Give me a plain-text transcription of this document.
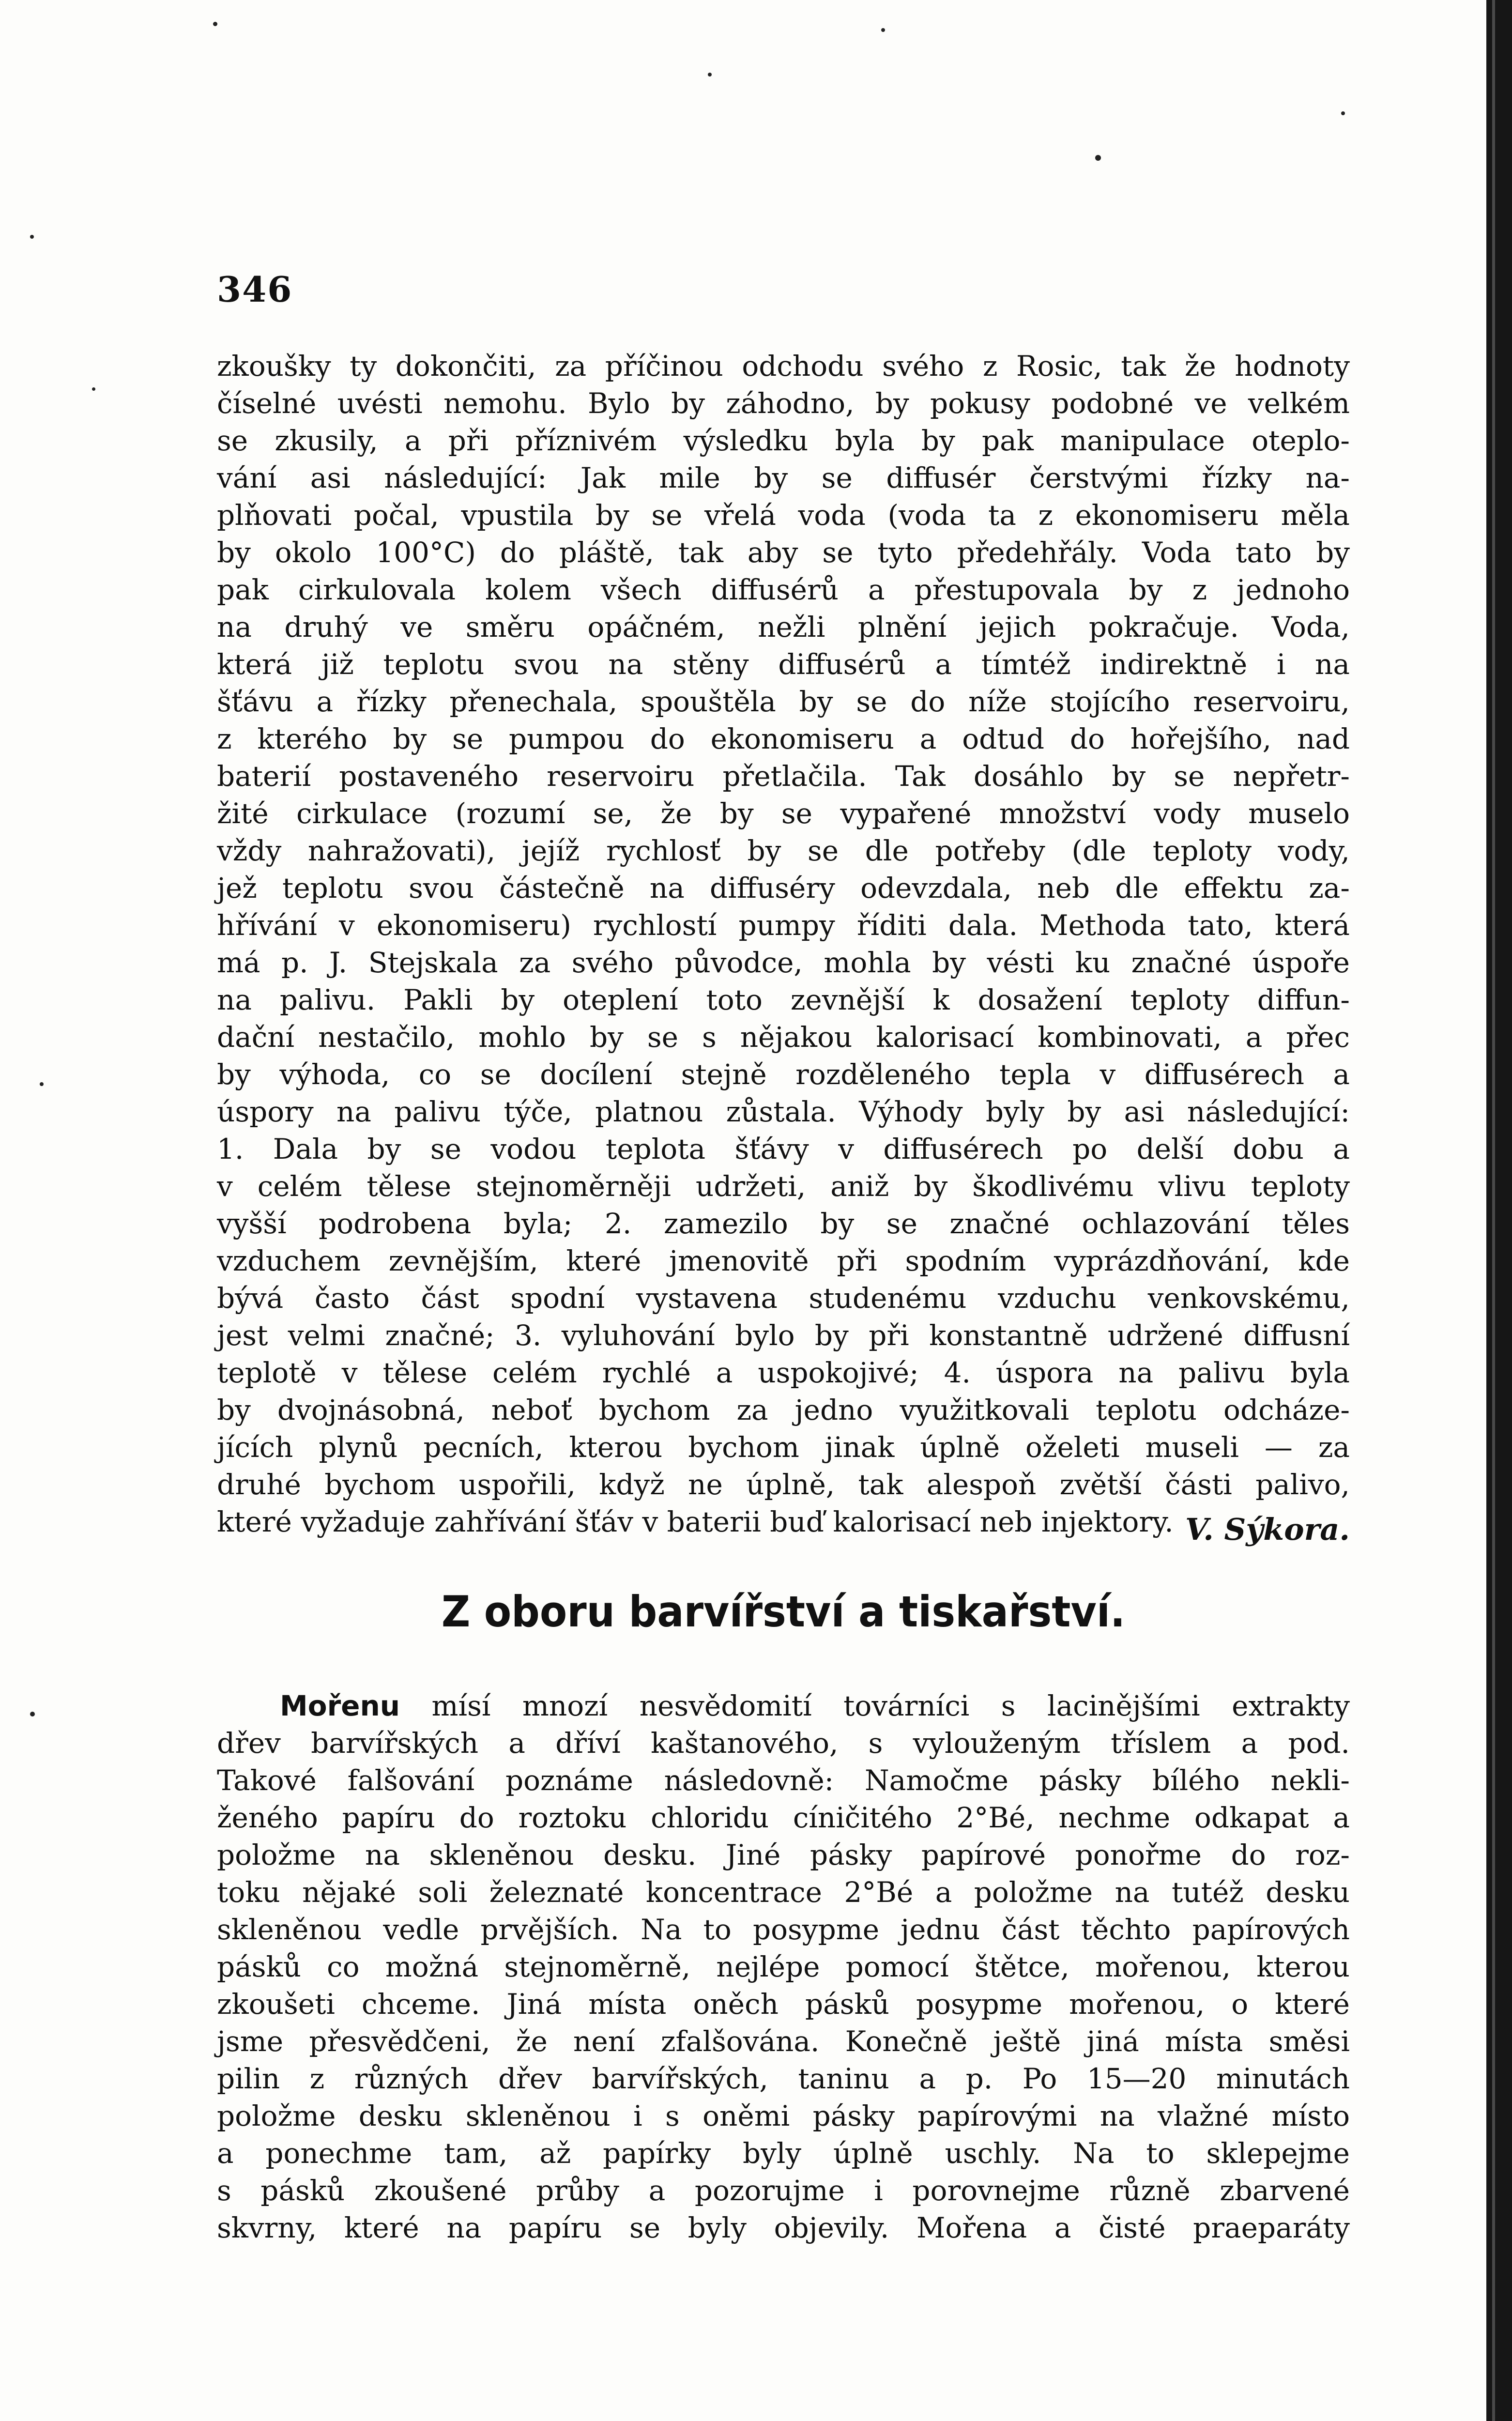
346
zkoušky ty dokončiti, za příčinou odchodu svého z Rosic, tak že hodnoty
číselné uvésti nemohu. Bylo by záhodno, by pokusy podobné ve velkém
se zkusily, a při příznivém výsledku byla by pak manipulace oteplo-
vání asi následující: Jak mile by se diffusér čerstvými řízky na-
plňovati počal, vpustila by se vřelá voda (voda ta z ekonomiseru měla
by okolo 100°C) do pláště, tak aby se tyto předehřály. Voda tato by
pak cirkulovala kolem všech diffusérů a přestupovala by z jednoho
na druhý ve směru opáčném, nežli plnění jejich pokračuje. Voda,
která již teplotu svou na stěny diffusérů a tímtéž indirektně i na
šťávu a řízky přenechala, spouštěla by se do níže stojícího reservoiru,
z kterého by se pumpou do ekonomiseru a odtud do hořejšího, nad
baterií postaveného reservoiru přetlačila. Tak dosáhlo by se nepřetr-
žité cirkulace (rozumí se, že by se vypařené množství vody muselo
vždy nahražovati), jejíž rychlosť by se dle potřeby (dle teploty vody,
jež teplotu svou částečně na diffuséry odevzdala, neb dle effektu za-
hřívání v ekonomiseru) rychlostí pumpy říditi dala. Methoda tato, která
má p. J. Stejskala za svého původce, mohla by vésti ku značné úspoře
na palivu. Pakli by oteplení toto zevnější k dosažení teploty diffun-
dační nestačilo, mohlo by se s nějakou kalorisací kombinovati, a přec
by výhoda, co se docílení stejně rozděleného tepla v diffusérech a
úspory na palivu týče, platnou zůstala. Výhody byly by asi následující:
1. Dala by se vodou teplota šťávy v diffusérech po delší dobu a
v celém tělese stejnoměrněji udržeti, aniž by škodlivému vlivu teploty
vyšší podrobena byla; 2. zamezilo by se značné ochlazování těles
vzduchem zevnějším, které jmenovitě při spodním vyprázdňování, kde
bývá často část spodní vystavena studenému vzduchu venkovskému,
jest velmi značné; 3. vyluhování bylo by při konstantně udržené diffusní
teplotě v tělese celém rychlé a uspokojivé; 4. úspora na palivu byla
by dvojnásobná, neboť bychom za jedno využitkovali teplotu odcháze-
jících plynů pecních, kterou bychom jinak úplně oželeti museli — za
druhé bychom uspořili, když ne úplně, tak alespoň zvětší části palivo,
které vyžaduje zahřívání šťáv v baterii buď kalorisací neb injektory. V. Sýkora.
Z oboru barvířství a tiskařství.
Mořenu mísí mnozí nesvědomití továrníci s lacinějšími extrakty
dřev barvířských a dříví kaštanového, s vylouženým tříslem a pod.
Takové falšování poznáme následovně: Namočme pásky bílého nekli-
ženého papíru do roztoku chloridu cíničitého 2°Bé, nechme odkapat a
položme na skleněnou desku. Jiné pásky papírové ponořme do roz-
toku nějaké soli železnaté koncentrace 2°Bé a položme na tutéž desku
skleněnou vedle prvějších. Na to posypme jednu část těchto papírových
pásků co možná stejnoměrně, nejlépe pomocí štětce, mořenou, kterou
zkoušeti chceme. Jiná místa oněch pásků posypme mořenou, o které
jsme přesvědčeni, že není zfalšována. Konečně ještě jiná místa směsi
pilin z různých dřev barvířských, taninu a p. Po 15—20 minutách
položme desku skleněnou i s oněmi pásky papírovými na vlažné místo
a ponechme tam, až papírky byly úplně uschly. Na to sklepejme
s pásků zkoušené průby a pozorujme i porovnejme různě zbarvené
skvrny, které na papíru se byly objevily. Mořena a čisté praeparáty
